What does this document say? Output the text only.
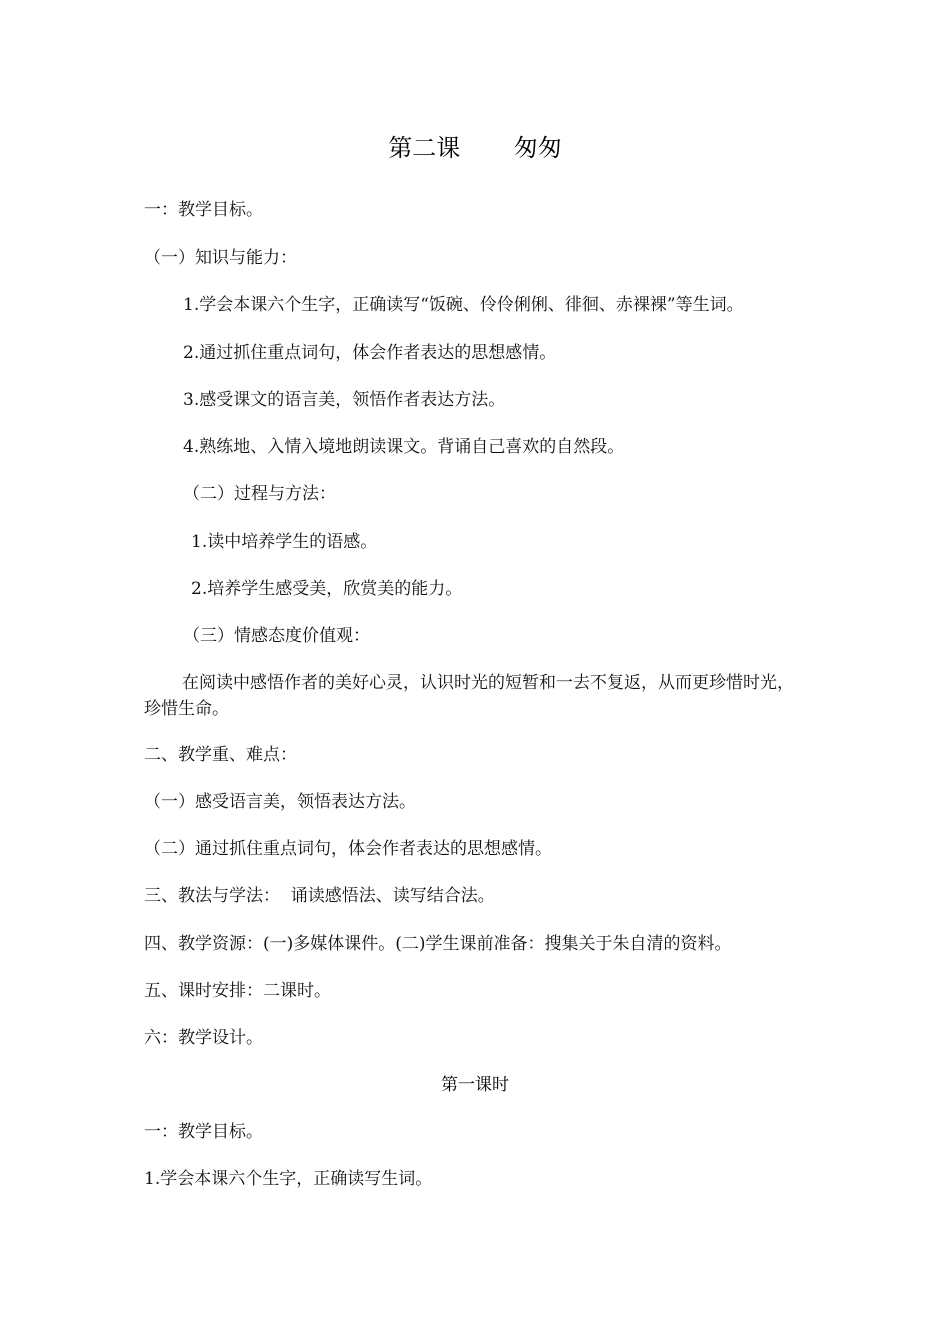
第二课       匆匆
一：教学目标。
（一）知识与能力：
1.学会本课六个生字，正确读写“饭碗、伶伶俐俐、徘徊、赤裸裸”等生词。
2.通过抓住重点词句，体会作者表达的思想感情。
3.感受课文的语言美，领悟作者表达方法。
4.熟练地、入情入境地朗读课文。背诵自己喜欢的自然段。
（二）过程与方法：
1.读中培养学生的语感。
2.培养学生感受美，欣赏美的能力。
（三）情感态度价值观：
在阅读中感悟作者的美好心灵，认识时光的短暂和一去不复返，从而更珍惜时光，珍惜生命。
二、教学重、难点：
（一）感受语言美，领悟表达方法。
（二）通过抓住重点词句，体会作者表达的思想感情。
三、教法与学法：  诵读感悟法、读写结合法。
四、教学资源：(一)多媒体课件。(二)学生课前准备：搜集关于朱自清的资料。
五、课时安排：二课时。
六：教学设计。
第一课时
一：教学目标。
1.学会本课六个生字，正确读写生词。
